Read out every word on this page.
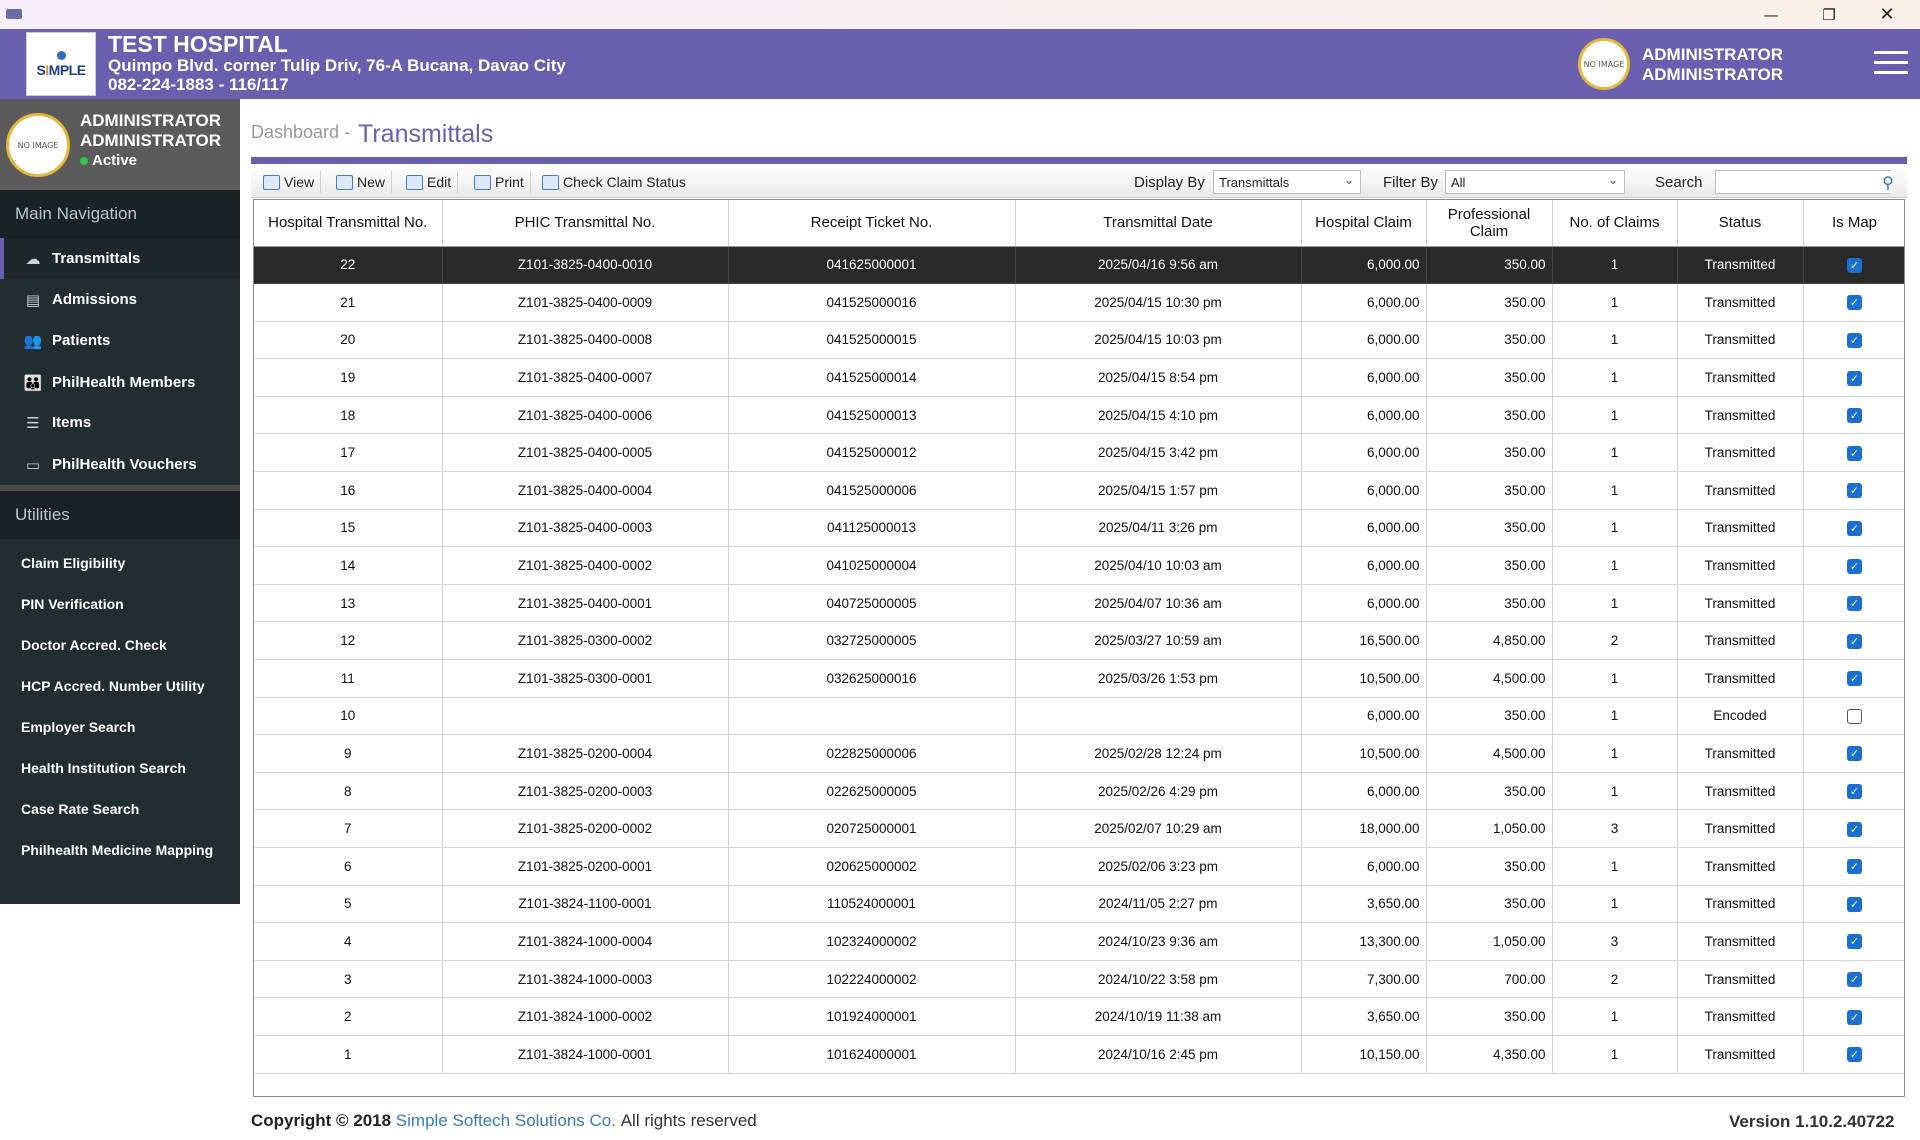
—	❐	✕
SIMPLE
TEST HOSPITAL
Quimpo Blvd. corner Tulip Driv, 76-A Bucana, Davao City
082-224-1883 - 116/117
NO IMAGE	ADMINISTRATOR
ADMINISTRATOR
NO IMAGE
ADMINISTRATOR
ADMINISTRATOR
Active
Main Navigation
☁ Transmittals
▤ Admissions
👥 Patients
👪 PhilHealth Members
☰ Items
▭ PhilHealth Vouchers
Utilities
Claim Eligibility
PIN Verification
Doctor Accred. Check
HCP Accred. Number Utility
Employer Search
Health Institution Search
Case Rate Search
Philhealth Medicine Mapping
Dashboard - Transmittals
View	New	Edit	Print	Check Claim Status	Display By	Transmittals	⌄ Filter By All	⌄ Search	⚲
Hospital Transmittal No.	PHIC Transmittal No.	Receipt Ticket No.	Transmittal Date	Hospital Claim	Professional Claim	No. of Claims	Status	Is Map
22	Z101-3825-0400-0010	041625000001	2025/04/16 9:56 am	6,000.00	350.00	1	Transmitted	✓
21	Z101-3825-0400-0009	041525000016	2025/04/15 10:30 pm	6,000.00	350.00	1	Transmitted	✓
20	Z101-3825-0400-0008	041525000015	2025/04/15 10:03 pm	6,000.00	350.00	1	Transmitted	✓
19	Z101-3825-0400-0007	041525000014	2025/04/15 8:54 pm	6,000.00	350.00	1	Transmitted	✓
18	Z101-3825-0400-0006	041525000013	2025/04/15 4:10 pm	6,000.00	350.00	1	Transmitted	✓
17	Z101-3825-0400-0005	041525000012	2025/04/15 3:42 pm	6,000.00	350.00	1	Transmitted	✓
16	Z101-3825-0400-0004	041525000006	2025/04/15 1:57 pm	6,000.00	350.00	1	Transmitted	✓
15	Z101-3825-0400-0003	041125000013	2025/04/11 3:26 pm	6,000.00	350.00	1	Transmitted	✓
14	Z101-3825-0400-0002	041025000004	2025/04/10 10:03 am	6,000.00	350.00	1	Transmitted	✓
13	Z101-3825-0400-0001	040725000005	2025/04/07 10:36 am	6,000.00	350.00	1	Transmitted	✓
12	Z101-3825-0300-0002	032725000005	2025/03/27 10:59 am	16,500.00	4,850.00	2	Transmitted	✓
11	Z101-3825-0300-0001	032625000016	2025/03/26 1:53 pm	10,500.00	4,500.00	1	Transmitted	✓
10				6,000.00	350.00	1	Encoded	
9	Z101-3825-0200-0004	022825000006	2025/02/28 12:24 pm	10,500.00	4,500.00	1	Transmitted	✓
8	Z101-3825-0200-0003	022625000005	2025/02/26 4:29 pm	6,000.00	350.00	1	Transmitted	✓
7	Z101-3825-0200-0002	020725000001	2025/02/07 10:29 am	18,000.00	1,050.00	3	Transmitted	✓
6	Z101-3825-0200-0001	020625000002	2025/02/06 3:23 pm	6,000.00	350.00	1	Transmitted	✓
5	Z101-3824-1100-0001	110524000001	2024/11/05 2:27 pm	3,650.00	350.00	1	Transmitted	✓
4	Z101-3824-1000-0004	102324000002	2024/10/23 9:36 am	13,300.00	1,050.00	3	Transmitted	✓
3	Z101-3824-1000-0003	102224000002	2024/10/22 3:58 pm	7,300.00	700.00	2	Transmitted	✓
2	Z101-3824-1000-0002	101924000001	2024/10/19 11:38 am	3,650.00	350.00	1	Transmitted	✓
1	Z101-3824-1000-0001	101624000001	2024/10/16 2:45 pm	10,150.00	4,350.00	1	Transmitted	✓
Copyright © 2018 Simple Softech Solutions Co. All rights reserved	Version 1.10.2.40722
